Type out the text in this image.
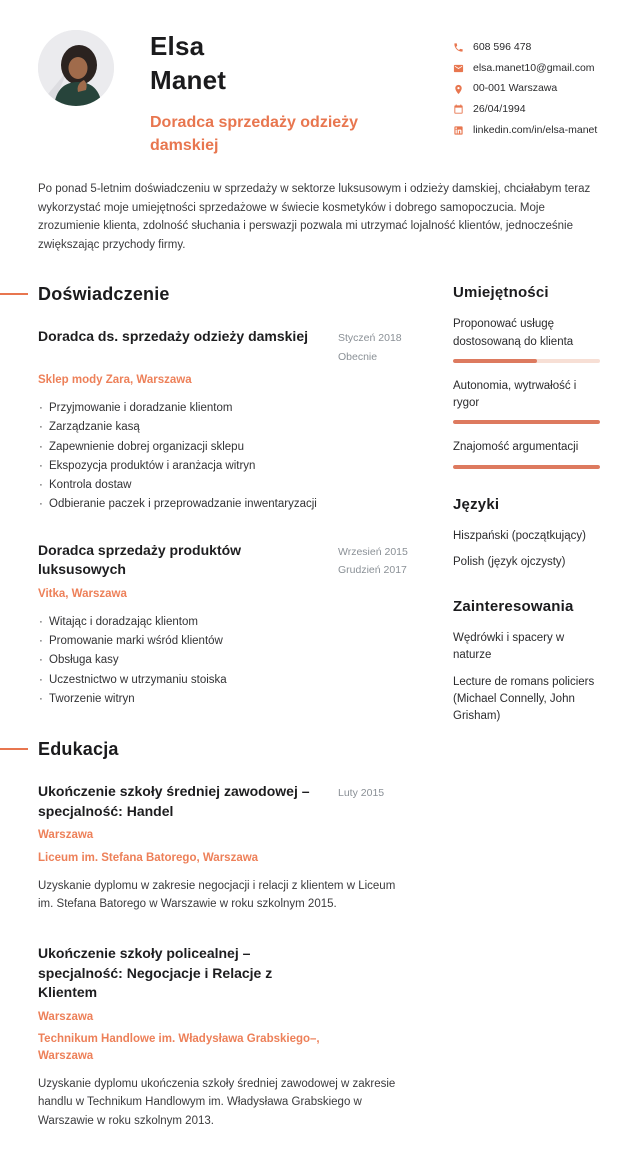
Elsa
Manet
Doradca sprzedaży odzieży damskiej
608 596 478
elsa.manet10@gmail.com
00-001 Warszawa
26/04/1994
linkedin.com/in/elsa-manet

Po ponad 5-letnim doświadczeniu w sprzedaży w sektorze luksusowym i odzieży damskiej, chciałabym teraz wykorzystać moje umiejętności sprzedażowe w świecie kosmetyków i dobrego samopoczucia. Moje zrozumienie klienta, zdolność słuchania i perswazji pozwala mi utrzymać lojalność klientów, jednocześnie zwiększając przychody firmy.

Doświadczenie
Doradca ds. sprzedaży odzieży damskiej	Styczeń 2018
Obecnie
Sklep mody Zara, Warszawa
· Przyjmowanie i doradzanie klientom
· Zarządzanie kasą
· Zapewnienie dobrej organizacji sklepu
· Ekspozycja produktów i aranżacja witryn
· Kontrola dostaw
· Odbieranie paczek i przeprowadzanie inwentaryzacji
Doradca sprzedaży produktów luksusowych
Wrzesień 2015
Grudzień 2017
Vitka, Warszawa
· Witając i doradzając klientom
· Promowanie marki wśród klientów
· Obsługa kasy
· Uczestnictwo w utrzymaniu stoiska
· Tworzenie witryn
Edukacja
Ukończenie szkoły średniej zawodowej – specjalność: Handel
Luty 2015
Warszawa
Liceum im. Stefana Batorego, Warszawa

Uzyskanie dyplomu w zakresie negocjacji i relacji z klientem w Liceum im. Stefana Batorego w Warszawie w roku szkolnym 2015.

Ukończenie szkoły policealnej – specjalność: Negocjacje i Relacje z Klientem
Warszawa
Technikum Handlowe im. Władysława Grabskiego–, Warszawa

Uzyskanie dyplomu ukończenia szkoły średniej zawodowej w zakresie handlu w Technikum Handlowym im. Władysława Grabskiego w Warszawie w roku szkolnym 2013.

Umiejętności
Proponować usługę dostosowaną do klienta
Autonomia, wytrwałość i rygor
Znajomość argumentacji
Języki
Hiszpański (początkujący)
Polish (język ojczysty)
Zainteresowania
Wędrówki i spacery w naturze
Lecture de romans policiers (Michael Connelly, John Grisham)
